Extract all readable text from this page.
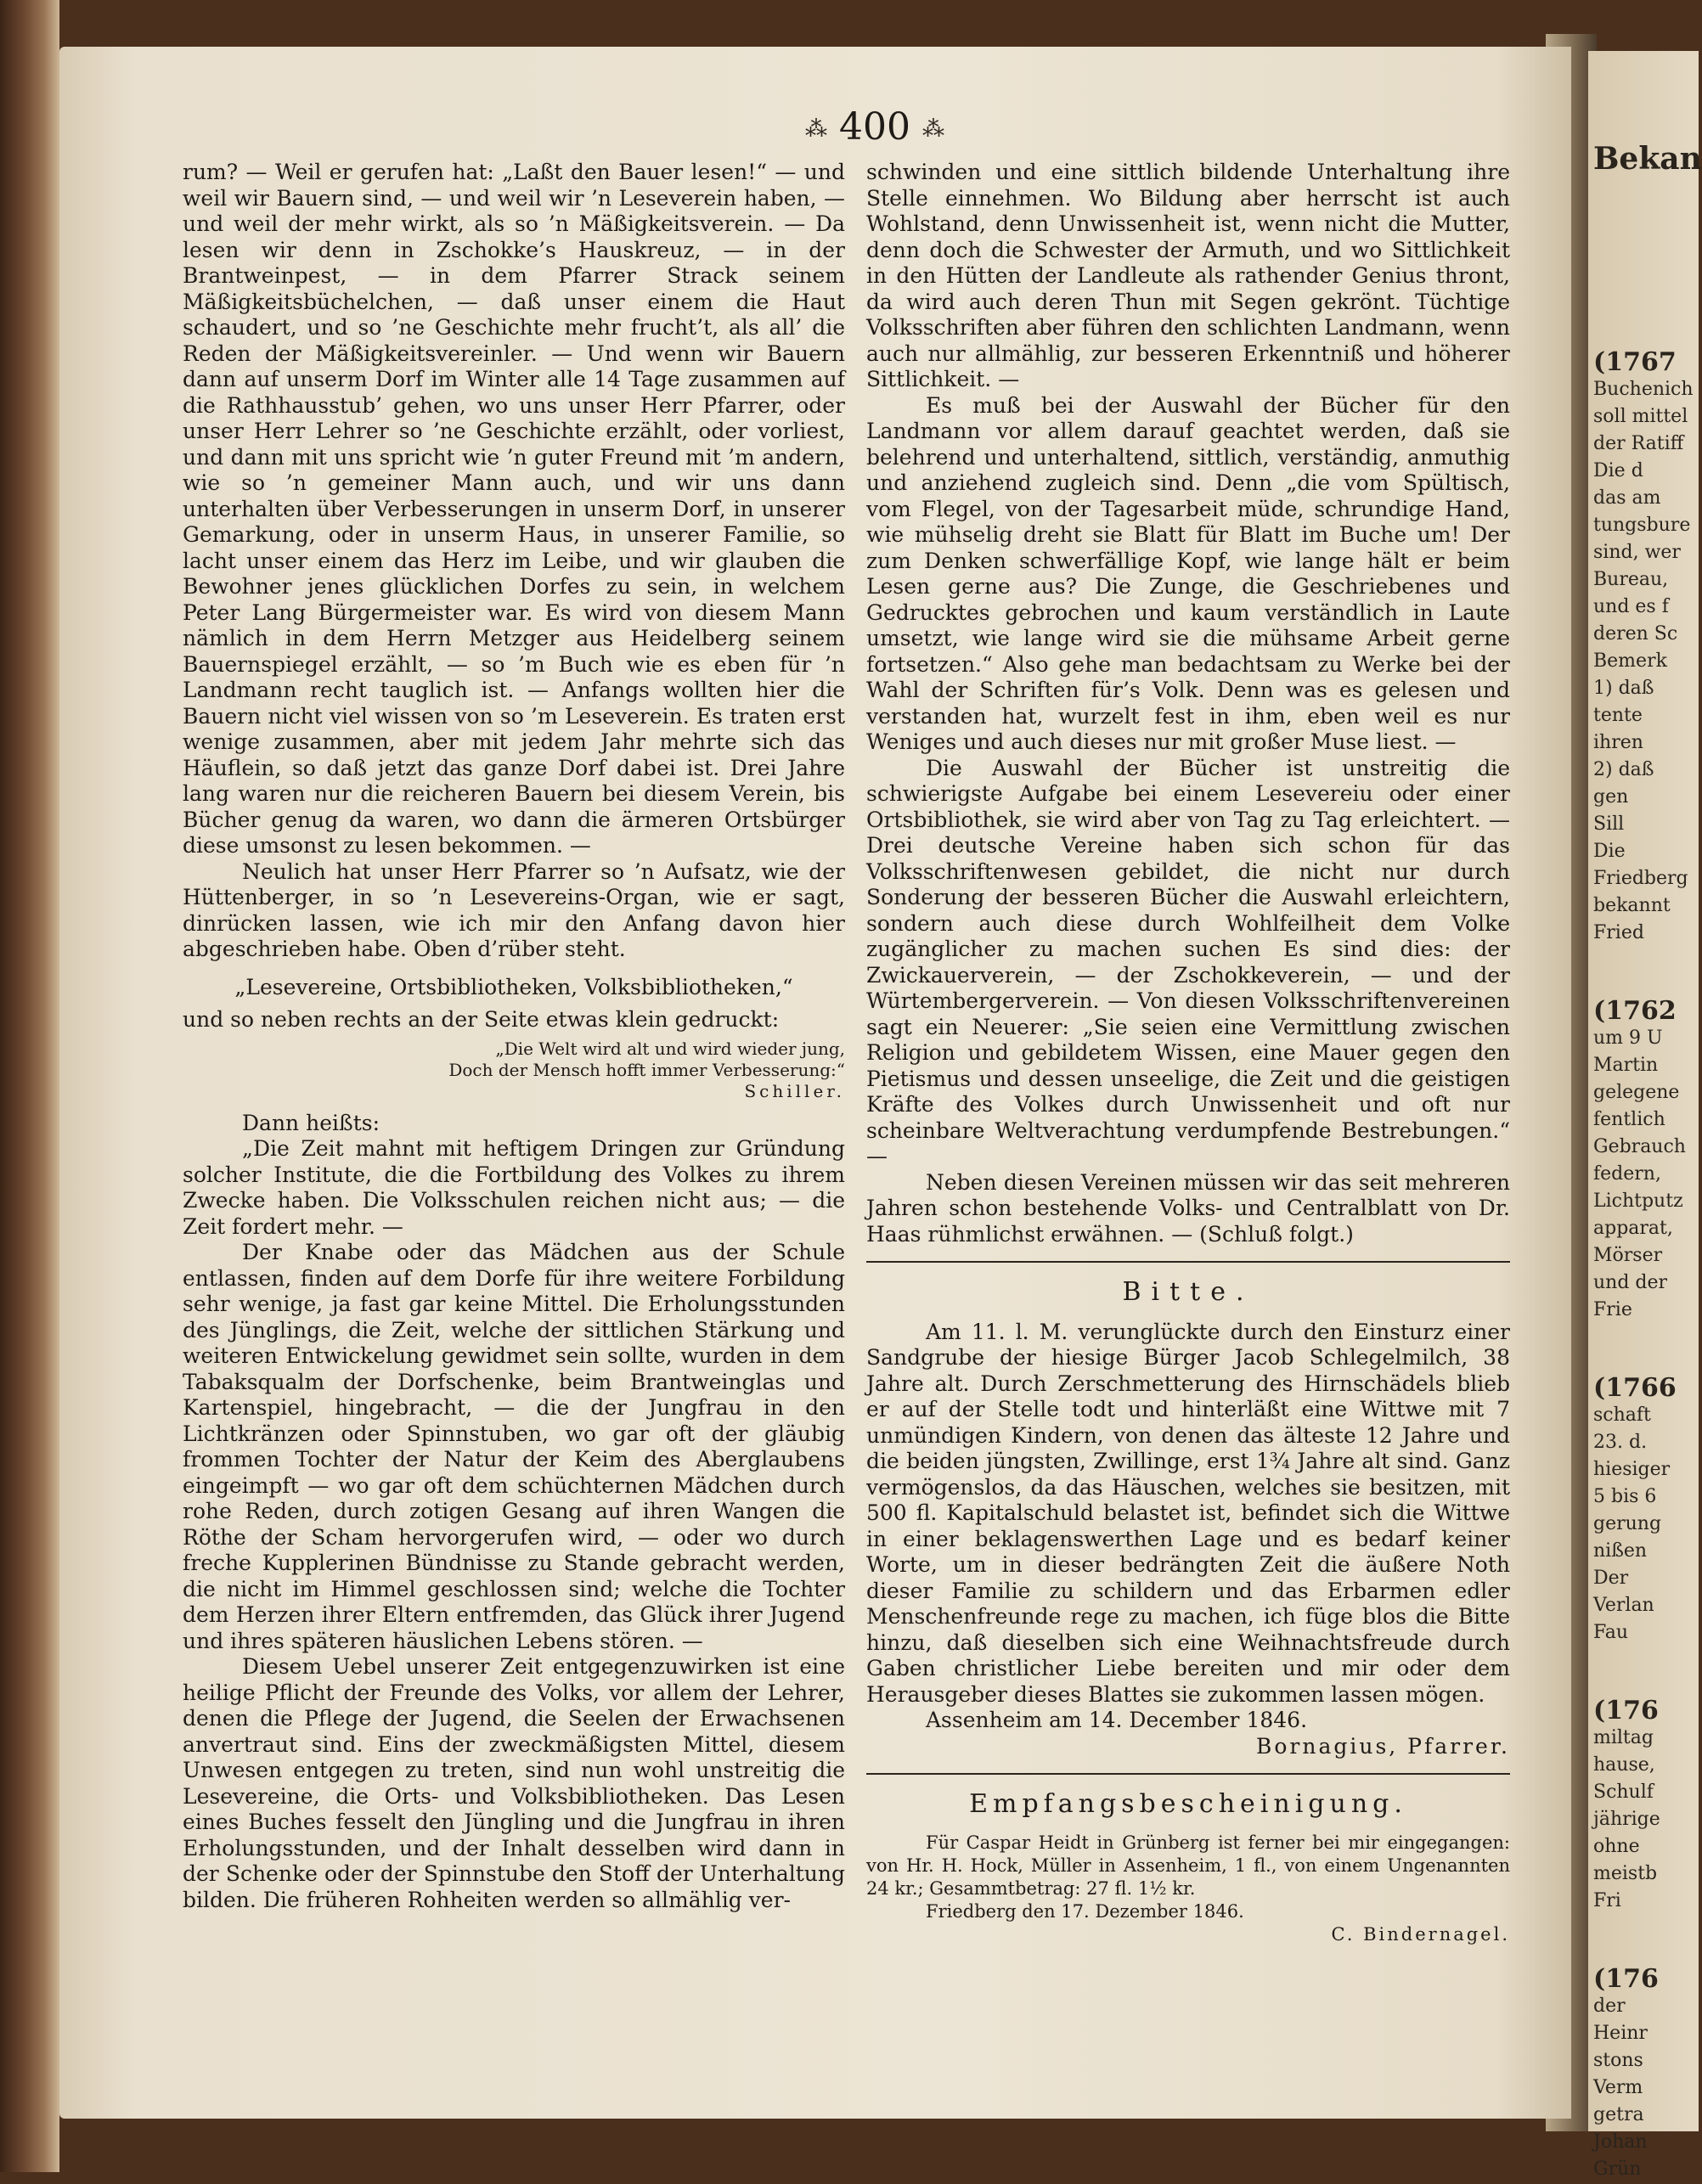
Bekan
(1767
Buchenich
soll mittel
der Ratiff
Die d
das am
tungsbure
sind, wer
Bureau,
und es f
deren Sc
Bemerk
1) daß
tente
ihren
2) daß
gen
Sill
Die
Friedberg
bekannt
Fried
(1762
um 9 U
Martin
gelegene
fentlich
Gebrauch
federn,
Lichtputz
apparat,
Mörser
und der
Frie
(1766
schaft
23. d.
hiesiger
5 bis 6
gerung
nißen
Der
Verlan
Fau
(176
miltag
hause,
Schulf
jährige
ohne
meistb
Fri
(176
der
Heinr
stons
Verm
getra
Johan
Grün
⁂ 400 ⁂

rum? — Weil er gerufen hat: „Laßt den Bauer lesen!“ — und weil wir Bauern sind, — und weil wir ’n Leseverein haben, — und weil der mehr wirkt, als so ’n Mäßigkeitsverein. — Da lesen wir denn in Zschokke’s Hauskreuz, — in der Brantweinpest, — in dem Pfarrer Strack seinem Mäßigkeitsbüchelchen, — daß unser einem die Haut schaudert, und so ’ne Geschichte mehr frucht’t, als all’ die Reden der Mäßigkeitsvereinler. — Und wenn wir Bauern dann auf unserm Dorf im Winter alle 14 Tage zusammen auf die Rathhausstub’ gehen, wo uns unser Herr Pfarrer, oder unser Herr Lehrer so ’ne Geschichte erzählt, oder vorliest, und dann mit uns spricht wie ’n guter Freund mit ’m andern, wie so ’n gemeiner Mann auch, und wir uns dann unterhalten über Verbesserungen in unserm Dorf, in unserer Gemarkung, oder in unserm Haus, in unserer Familie, so lacht unser einem das Herz im Leibe, und wir glauben die Bewohner jenes glücklichen Dorfes zu sein, in welchem Peter Lang Bürgermeister war. Es wird von diesem Mann nämlich in dem Herrn Metzger aus Heidelberg seinem Bauernspiegel erzählt, — so ’m Buch wie es eben für ’n Landmann recht tauglich ist. — Anfangs wollten hier die Bauern nicht viel wissen von so ’m Leseverein. Es traten erst wenige zusammen, aber mit jedem Jahr mehrte sich das Häuflein, so daß jetzt das ganze Dorf dabei ist. Drei Jahre lang waren nur die reicheren Bauern bei diesem Verein, bis Bücher genug da waren, wo dann die ärmeren Ortsbürger diese umsonst zu lesen bekommen. —

Neulich hat unser Herr Pfarrer so ’n Aufsatz, wie der Hüttenberger, in so ’n Lesevereins-Organ, wie er sagt, dinrücken lassen, wie ich mir den Anfang davon hier abgeschrieben habe. Oben d’rüber steht.

„Lesevereine, Ortsbibliotheken, Volksbibliotheken,“

und so neben rechts an der Seite etwas klein gedruckt:

„Die Welt wird alt und wird wieder jung,
Doch der Mensch hofft immer Verbesserung:“
Schiller.

Dann heißts:

„Die Zeit mahnt mit heftigem Dringen zur Gründung solcher Institute, die die Fortbildung des Volkes zu ihrem Zwecke haben. Die Volksschulen reichen nicht aus; — die Zeit fordert mehr. —

Der Knabe oder das Mädchen aus der Schule entlassen, finden auf dem Dorfe für ihre weitere Forbildung sehr wenige, ja fast gar keine Mittel. Die Erholungsstunden des Jünglings, die Zeit, welche der sittlichen Stärkung und weiteren Entwickelung gewidmet sein sollte, wurden in dem Tabaksqualm der Dorfschenke, beim Brantweinglas und Kartenspiel, hingebracht, — die der Jungfrau in den Lichtkränzen oder Spinnstuben, wo gar oft der gläubig frommen Tochter der Natur der Keim des Aberglaubens eingeimpft — wo gar oft dem schüchternen Mädchen durch rohe Reden, durch zotigen Gesang auf ihren Wangen die Röthe der Scham hervorgerufen wird, — oder wo durch freche Kupplerinen Bündnisse zu Stande gebracht werden, die nicht im Himmel geschlossen sind; welche die Tochter dem Herzen ihrer Eltern entfremden, das Glück ihrer Jugend und ihres späteren häuslichen Lebens stören. —

Diesem Uebel unserer Zeit entgegenzuwirken ist eine heilige Pflicht der Freunde des Volks, vor allem der Lehrer, denen die Pflege der Jugend, die Seelen der Erwachsenen anvertraut sind. Eins der zweckmäßigsten Mittel, diesem Unwesen entgegen zu treten, sind nun wohl unstreitig die Lesevereine, die Orts- und Volksbibliotheken. Das Lesen eines Buches fesselt den Jüngling und die Jungfrau in ihren Erholungsstunden, und der Inhalt desselben wird dann in der Schenke oder der Spinnstube den Stoff der Unterhaltung bilden. Die früheren Rohheiten werden so allmählig ver-

schwinden und eine sittlich bildende Unterhaltung ihre Stelle einnehmen. Wo Bildung aber herrscht ist auch Wohlstand, denn Unwissenheit ist, wenn nicht die Mutter, denn doch die Schwester der Armuth, und wo Sittlichkeit in den Hütten der Landleute als rathender Genius thront, da wird auch deren Thun mit Segen gekrönt. Tüchtige Volksschriften aber führen den schlichten Landmann, wenn auch nur allmählig, zur besseren Erkenntniß und höherer Sittlichkeit. —

Es muß bei der Auswahl der Bücher für den Landmann vor allem darauf geachtet werden, daß sie belehrend und unterhaltend, sittlich, verständig, anmuthig und anziehend zugleich sind. Denn „die vom Spültisch, vom Flegel, von der Tagesarbeit müde, schrundige Hand, wie mühselig dreht sie Blatt für Blatt im Buche um! Der zum Denken schwerfällige Kopf, wie lange hält er beim Lesen gerne aus? Die Zunge, die Geschriebenes und Gedrucktes gebrochen und kaum verständlich in Laute umsetzt, wie lange wird sie die mühsame Arbeit gerne fortsetzen.“ Also gehe man bedachtsam zu Werke bei der Wahl der Schriften für’s Volk. Denn was es gelesen und verstanden hat, wurzelt fest in ihm, eben weil es nur Weniges und auch dieses nur mit großer Muse liest. —

Die Auswahl der Bücher ist unstreitig die schwierigste Aufgabe bei einem Lesevereiu oder einer Ortsbibliothek, sie wird aber von Tag zu Tag erleichtert. — Drei deutsche Vereine haben sich schon für das Volksschriftenwesen gebildet, die nicht nur durch Sonderung der besseren Bücher die Auswahl erleichtern, sondern auch diese durch Wohlfeilheit dem Volke zugänglicher zu machen suchen Es sind dies: der Zwickauerverein, — der Zschokkeverein, — und der Würtembergerverein. — Von diesen Volksschriftenvereinen sagt ein Neuerer: „Sie seien eine Vermittlung zwischen Religion und gebildetem Wissen, eine Mauer gegen den Pietismus und dessen unseelige, die Zeit und die geistigen Kräfte des Volkes durch Unwissenheit und oft nur scheinbare Weltverachtung verdumpfende Bestrebungen.“ —

Neben diesen Vereinen müssen wir das seit mehreren Jahren schon bestehende Volks- und Centralblatt von Dr. Haas rühmlichst erwähnen. — (Schluß folgt.)

Bitte.

Am 11. l. M. verunglückte durch den Einsturz einer Sandgrube der hiesige Bürger Jacob Schlegelmilch, 38 Jahre alt. Durch Zerschmetterung des Hirnschädels blieb er auf der Stelle todt und hinterläßt eine Wittwe mit 7 unmündigen Kindern, von denen das älteste 12 Jahre und die beiden jüngsten, Zwillinge, erst 1¾ Jahre alt sind. Ganz vermögenslos, da das Häuschen, welches sie besitzen, mit 500 fl. Kapitalschuld belastet ist, befindet sich die Wittwe in einer beklagenswerthen Lage und es bedarf keiner Worte, um in dieser bedrängten Zeit die äußere Noth dieser Familie zu schildern und das Erbarmen edler Menschenfreunde rege zu machen, ich füge blos die Bitte hinzu, daß dieselben sich eine Weihnachtsfreude durch Gaben christlicher Liebe bereiten und mir oder dem Herausgeber dieses Blattes sie zukommen lassen mögen.

Assenheim am 14. December 1846.

Bornagius, Pfarrer.

Empfangsbescheinigung.

Für Caspar Heidt in Grünberg ist ferner bei mir eingegangen: von Hr. H. Hock, Müller in Assenheim, 1 fl., von einem Ungenannten 24 kr.; Gesammtbetrag: 27 fl. 1½ kr.

Friedberg den 17. Dezember 1846.

C. Bindernagel.
